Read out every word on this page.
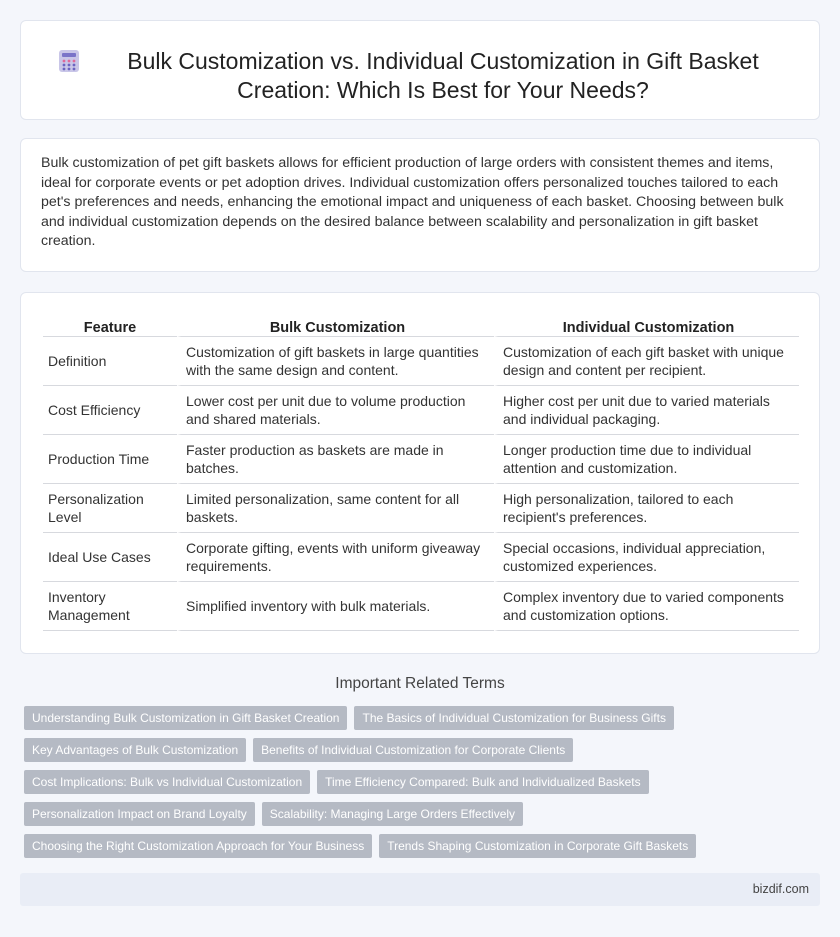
Bulk Customization vs. Individual Customization in Gift Basket Creation: Which Is Best for Your Needs?

Bulk customization of pet gift baskets allows for efficient production of large orders with consistent themes and items, ideal for corporate events or pet adoption drives. Individual customization offers personalized touches tailored to each pet's preferences and needs, enhancing the emotional impact and uniqueness of each basket. Choosing between bulk and individual customization depends on the desired balance between scalability and personalization in gift basket creation.

Feature	Bulk Customization	Individual Customization
Definition	Customization of gift baskets in large quantities with the same design and content.	Customization of each gift basket with unique design and content per recipient.
Cost Efficiency	Lower cost per unit due to volume production and shared materials.	Higher cost per unit due to varied materials and individual packaging.
Production Time	Faster production as baskets are made in batches.	Longer production time due to individual attention and customization.
Personalization Level	Limited personalization, same content for all baskets.	High personalization, tailored to each recipient's preferences.
Ideal Use Cases	Corporate gifting, events with uniform giveaway requirements.	Special occasions, individual appreciation, customized experiences.
Inventory Management	Simplified inventory with bulk materials.	Complex inventory due to varied components and customization options.
Important Related Terms
Understanding Bulk Customization in Gift Basket Creation	The Basics of Individual Customization for Business Gifts
Key Advantages of Bulk Customization	Benefits of Individual Customization for Corporate Clients
Cost Implications: Bulk vs Individual Customization	Time Efficiency Compared: Bulk and Individualized Baskets
Personalization Impact on Brand Loyalty	Scalability: Managing Large Orders Effectively
Choosing the Right Customization Approach for Your Business	Trends Shaping Customization in Corporate Gift Baskets
bizdif.com
